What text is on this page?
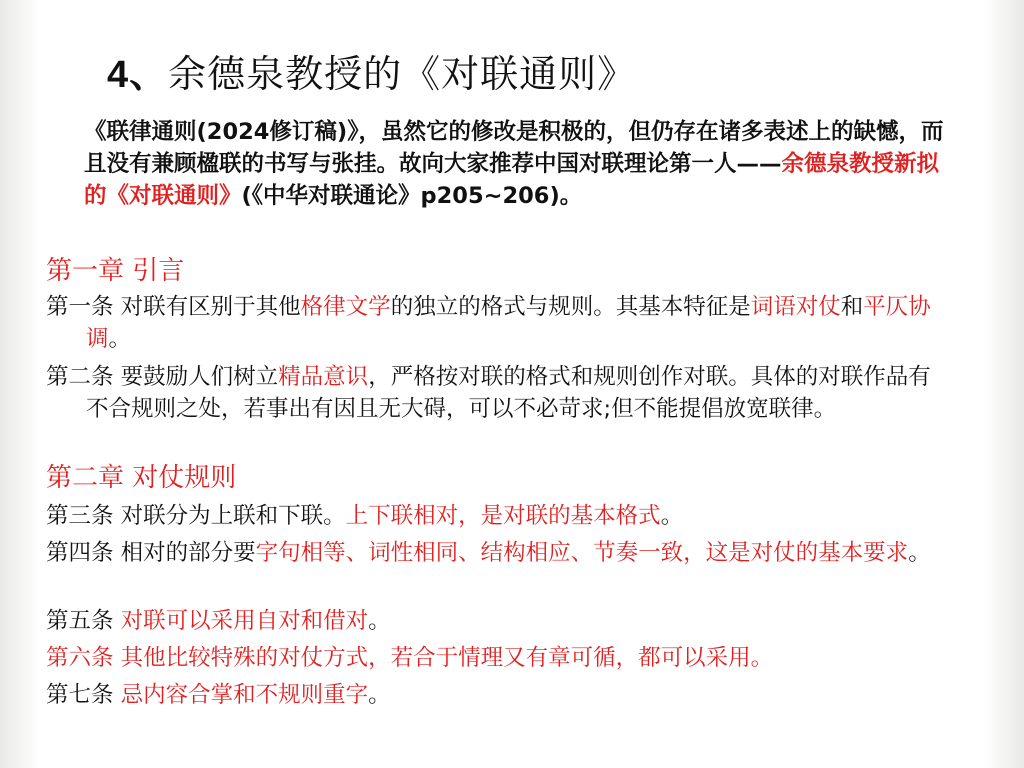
4、余德泉教授的《对联通则》

《联律通则(2024修订稿)》，虽然它的修改是积极的，但仍存在诸多表述上的缺憾，而且没有兼顾楹联的书写与张挂。故向大家推荐中国对联理论第一人——余德泉教授新拟的《对联通则》(《中华对联通论》p205~206)。

第一章 引言

第一条 对联有区别于其他格律文学的独立的格式与规则。其基本特征是词语对仗和平仄协调。

第二条 要鼓励人们树立精品意识，严格按对联的格式和规则创作对联。具体的对联作品有不合规则之处，若事出有因且无大碍，可以不必苛求;但不能提倡放宽联律。

第二章 对仗规则

第三条 对联分为上联和下联。上下联相对，是对联的基本格式。

第四条 相对的部分要字句相等、词性相同、结构相应、节奏一致，这是对仗的基本要求。

第五条 对联可以采用自对和借对。

第六条 其他比较特殊的对仗方式，若合于情理又有章可循，都可以采用。

第七条 忌内容合掌和不规则重字。
